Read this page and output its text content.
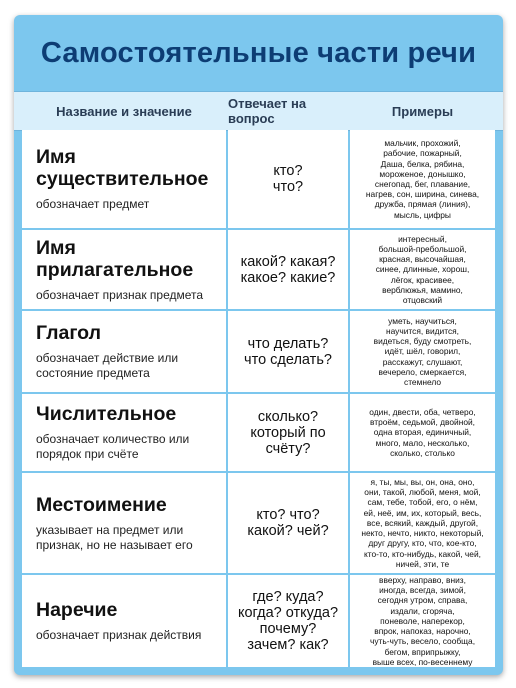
Самостоятельные части речи
Название и значение	Отвечает на вопрос	Примеры
Имя
существительное
обозначает предмет
кто?
что?
мальчик, прохожий,
рабочие, пожарный,
Даша, белка, рябина,
мороженое, донышко,
снегопад, бег, плавание,
нагрев, сон, ширина, синева,
дружба, прямая (линия),
мысль, цифры
Имя
прилагательное
обозначает признак предмета
какой? какая?
какое? какие?
интересный,
большой-пребольшой,
красная, высочайшая,
синее, длинные, хорош,
лёгок, красивее,
верблюжья, мамино,
отцовский
Глагол
обозначает действие или
состояние предмета
что делать?
что сделать?
уметь, научиться,
научится, видится,
видеться, буду смотреть,
идёт, шёл, говорил,
расскажут, слушают,
вечерело, смеркается,
стемнело
Числительное
обозначает количество или
порядок при счёте
сколько?
который по счёту?
один, двести, оба, четверо,
втроём, седьмой, двойной,
одна вторая, единичный,
много, мало, несколько,
сколько, столько
Местоимение
указывает на предмет или
признак, но не называет его
кто? что?
какой? чей?
я, ты, мы, вы, он, она, оно,
они, такой, любой, меня, мой,
сам, тебе, тобой, его, о нём,
ей, неё, им, их, который, весь,
все, всякий, каждый, другой,
некто, нечто, никто, некоторый,
друг другу, кто, что, кое-кто,
кто-то, кто-нибудь, какой, чей,
ничей, эти, те
Наречие
обозначает признак действия
где? куда?
когда? откуда?
почему?
зачем? как?
вверху, направо, вниз,
иногда, всегда, зимой,
сегодня утром, справа,
издали, сгоряча,
поневоле, наперекор,
впрок, напоказ, нарочно,
чуть-чуть, весело, сообща,
бегом, вприпрыжку,
выше всех, по-весеннему
